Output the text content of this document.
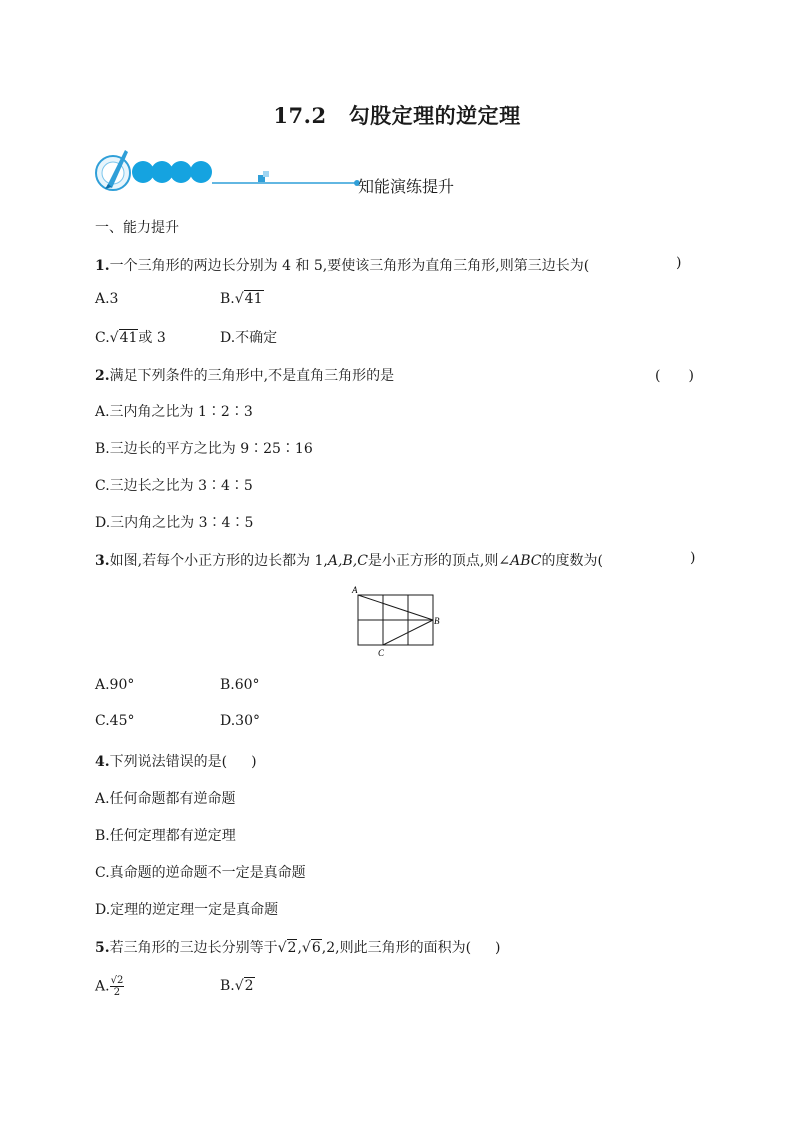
17.2 勾股定理的逆定理
知能演练提升
一、能力提升
1.一个三角形的两边长分别为 4 和 5,要使该三角形为直角三角形,则第三边长为(	)
A.3	B.√41
C.√41或 3	D.不确定
2.满足下列条件的三角形中,不是直角三角形的是	(　　)
A.三内角之比为 1∶2∶3
B.三边长的平方之比为 9∶25∶16
C.三边长之比为 3∶4∶5
D.三内角之比为 3∶4∶5
3.如图,若每个小正方形的边长都为 1,A,B,C是小正方形的顶点,则∠ABC的度数为(	)
A
B
C
A.90°	B.60°
C.45°	D.30°
4.下列说法错误的是( )
A.任何命题都有逆命题
B.任何定理都有逆定理
C.真命题的逆命题不一定是真命题
D.定理的逆定理一定是真命题
5.若三角形的三边长分别等于√2,√6,2,则此三角形的面积为( )
A. $\frac{√2}{2}$	B.√2
